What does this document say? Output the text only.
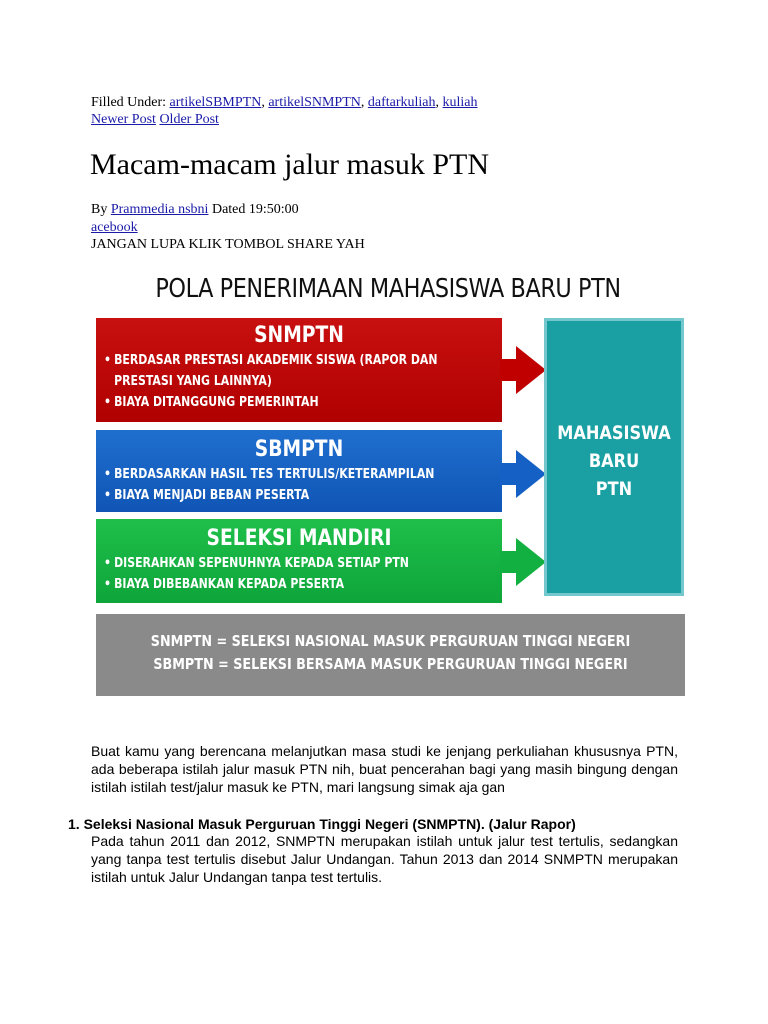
Filled Under: artikelSBMPTN, artikelSNMPTN, daftarkuliah, kuliah
Newer Post Older Post
Macam-macam jalur masuk PTN
By Prammedia nsbni Dated 19:50:00
acebook
JANGAN LUPA KLIK TOMBOL SHARE YAH
POLA PENERIMAAN MAHASISWA BARU PTN
SNMPTN
• BERDASAR PRESTASI AKADEMIK SISWA (RAPOR DAN
PRESTASI YANG LAINNYA)
• BIAYA DITANGGUNG PEMERINTAH
SBMPTN
• BERDASARKAN HASIL TES TERTULIS/KETERAMPILAN
• BIAYA MENJADI BEBAN PESERTA
SELEKSI MANDIRI
• DISERAHKAN SEPENUHNYA KEPADA SETIAP PTN
• BIAYA DIBEBANKAN KEPADA PESERTA
MAHASISWA
BARU
PTN
SNMPTN = SELEKSI NASIONAL MASUK PERGURUAN TINGGI NEGERI
SBMPTN = SELEKSI BERSAMA MASUK PERGURUAN TINGGI NEGERI

Buat kamu yang berencana melanjutkan masa studi ke jenjang perkuliahan khususnya PTN, ada beberapa istilah jalur masuk PTN nih, buat pencerahan bagi yang masih bingung dengan istilah istilah test/jalur masuk ke PTN, mari langsung simak aja gan

1. Seleksi Nasional Masuk Perguruan Tinggi Negeri (SNMPTN). (Jalur Rapor)

Pada tahun 2011 dan 2012, SNMPTN merupakan istilah untuk jalur test tertulis, sedangkan yang tanpa test tertulis disebut Jalur Undangan. Tahun 2013 dan 2014 SNMPTN merupakan istilah untuk Jalur Undangan tanpa test tertulis.
